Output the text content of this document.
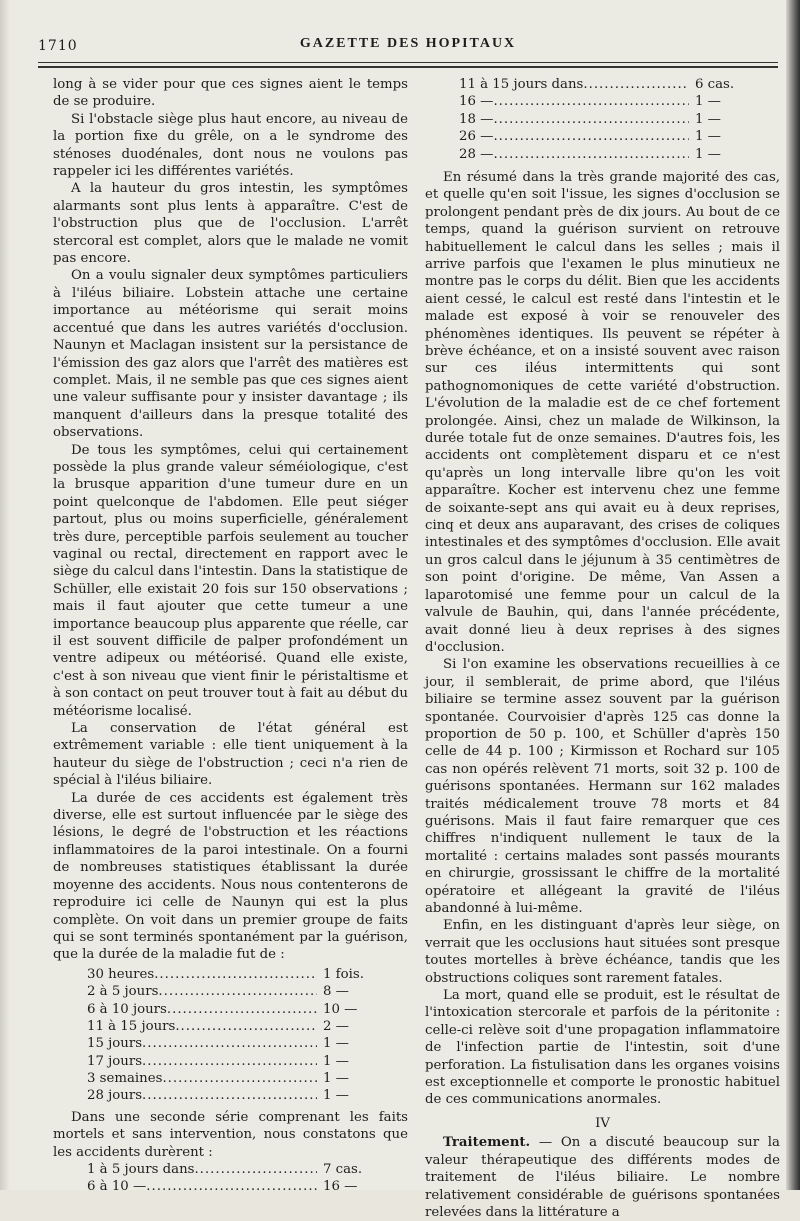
1710	GAZETTE DES HOPITAUX

long à se vider pour que ces signes aient le temps de se produire.

Si l'obstacle siège plus haut encore, au niveau de la portion fixe du grêle, on a le syndrome des sténoses duodénales, dont nous ne voulons pas rappeler ici les différentes variétés.

A la hauteur du gros intestin, les symptômes alarmants sont plus lents à apparaître. C'est de l'obstruction plus que de l'occlusion. L'arrêt stercoral est complet, alors que le malade ne vomit pas encore.

On a voulu signaler deux symptômes particuliers à l'iléus biliaire. Lobstein attache une certaine importance au météorisme qui serait moins accentué que dans les autres variétés d'occlusion. Naunyn et Maclagan insistent sur la persistance de l'émission des gaz alors que l'arrêt des matières est complet. Mais, il ne semble pas que ces signes aient une valeur suffisante pour y insister davantage ; ils manquent d'ailleurs dans la presque totalité des observations.

De tous les symptômes, celui qui certainement possède la plus grande valeur séméiologique, c'est la brusque apparition d'une tumeur dure en un point quelconque de l'abdomen. Elle peut siéger partout, plus ou moins superficielle, généralement très dure, perceptible parfois seulement au toucher vaginal ou rectal, directement en rapport avec le siège du calcul dans l'intestin. Dans la statistique de Schüller, elle existait 20 fois sur 150 observations ; mais il faut ajouter que cette tumeur a une importance beaucoup plus apparente que réelle, car il est souvent difficile de palper profondément un ventre adipeux ou météorisé. Quand elle existe, c'est à son niveau que vient finir le péristaltisme et à son contact on peut trouver tout à fait au début du météorisme localisé.

La conservation de l'état général est extrêmement variable : elle tient uniquement à la hauteur du siège de l'obstruction ; ceci n'a rien de spécial à l'iléus biliaire.

La durée de ces accidents est également très diverse, elle est surtout influencée par le siège des lésions, le degré de l'obstruction et les réactions inflammatoires de la paroi intestinale. On a fourni de nombreuses statistiques établissant la durée moyenne des accidents. Nous nous contenterons de reproduire ici celle de Naunyn qui est la plus complète. On voit dans un premier groupe de faits qui se sont terminés spontanément par la guérison, que la durée de la maladie fut de :

30 heures .....	1 fois.
2 à 5 jours .....	8 —
6 à 10 jours .....	10 —
11 à 15 jours .....	2 —
15 jours .....	1 —
17 jours .....	1 —
3 semaines .....	1 —
28 jours .....	1 —

Dans une seconde série comprenant les faits mortels et sans intervention, nous constatons que les accidents durèrent :

1 à 5 jours dans .....	7 cas.
6 à 10 — .....	16 —
11 à 15 jours dans .....	6 cas.
16 — .....	1 —
18 — .....	1 —
26 — .....	1 —
28 — .....	1 —

En résumé dans la très grande majorité des cas, et quelle qu'en soit l'issue, les signes d'occlusion se prolongent pendant près de dix jours. Au bout de ce temps, quand la guérison survient on retrouve habituellement le calcul dans les selles ; mais il arrive parfois que l'examen le plus minutieux ne montre pas le corps du délit. Bien que les accidents aient cessé, le calcul est resté dans l'intestin et le malade est exposé à voir se renouveler des phénomènes identiques. Ils peuvent se répéter à brève échéance, et on a insisté souvent avec raison sur ces iléus intermittents qui sont pathognomoniques de cette variété d'obstruction. L'évolution de la maladie est de ce chef fortement prolongée. Ainsi, chez un malade de Wilkinson, la durée totale fut de onze semaines. D'autres fois, les accidents ont complètement disparu et ce n'est qu'après un long intervalle libre qu'on les voit apparaître. Kocher est intervenu chez une femme de soixante-sept ans qui avait eu à deux reprises, cinq et deux ans auparavant, des crises de coliques intestinales et des symptômes d'occlusion. Elle avait un gros calcul dans le jéjunum à 35 centimètres de son point d'origine. De même, Van Assen a laparotomisé une femme pour un calcul de la valvule de Bauhin, qui, dans l'année précédente, avait donné lieu à deux reprises à des signes d'occlusion.

Si l'on examine les observations recueillies à ce jour, il semblerait, de prime abord, que l'iléus biliaire se termine assez souvent par la guérison spontanée. Courvoisier d'après 125 cas donne la proportion de 50 p. 100, et Schüller d'après 150 celle de 44 p. 100 ; Kirmisson et Rochard sur 105 cas non opérés relèvent 71 morts, soit 32 p. 100 de guérisons spontanées. Hermann sur 162 malades traités médicalement trouve 78 morts et 84 guérisons. Mais il faut faire remarquer que ces chiffres n'indiquent nullement le taux de la mortalité : certains malades sont passés mourants en chirurgie, grossissant le chiffre de la mortalité opératoire et allégeant la gravité de l'iléus abandonné à lui-même.

Enfin, en les distinguant d'après leur siège, on verrait que les occlusions haut situées sont presque toutes mortelles à brève échéance, tandis que les obstructions coliques sont rarement fatales.

La mort, quand elle se produit, est le résultat de l'intoxication stercorale et parfois de la péritonite : celle-ci relève soit d'une propagation inflammatoire de l'infection partie de l'intestin, soit d'une perforation. La fistulisation dans les organes voisins est exceptionnelle et comporte le pronostic habituel de ces communications anormales.

IV

Traitement. — On a discuté beaucoup sur la valeur thérapeutique des différents modes de traitement de l'iléus biliaire. Le nombre relativement considérable de guérisons spontanées relevées dans la littérature a
